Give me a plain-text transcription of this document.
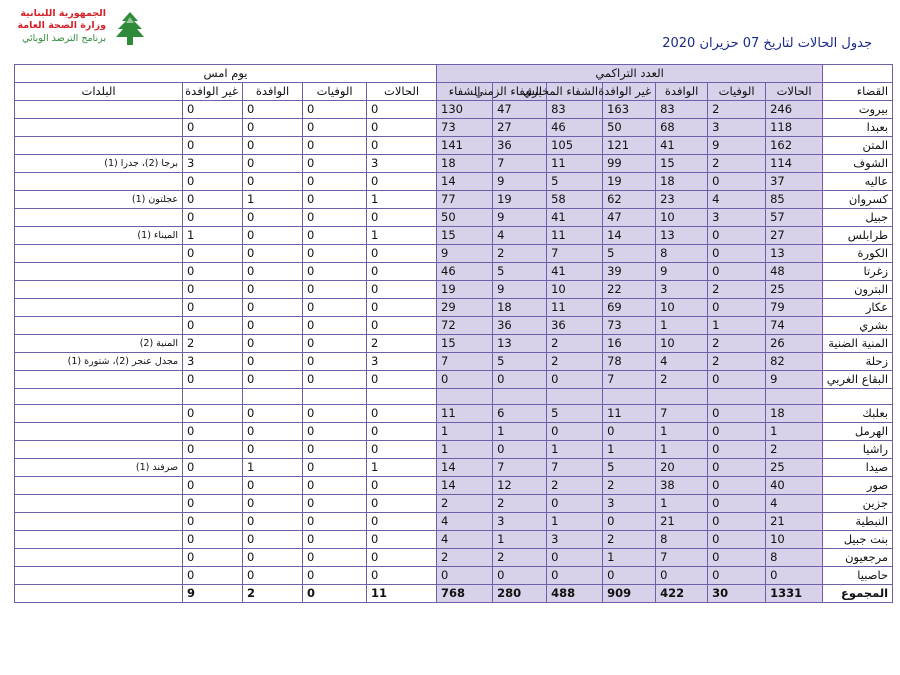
الجمهورية اللبنانية
وزارة الصحة العامة
برنامج الترصد الوبائي	جدول الحالات لتاريخ 07 حزيران 2020
	العدد التراكمي							يوم امس				
القضاء	الحالات	الوفيات	الوافدة	غير الوافدة	الشفاء المخبري	الشفاء الزمني	الشفاء	الحالات	الوفيات	الوافدة	غير الوافدة	البلدات
بيروت	246	2	83	163	83	47	130	0	0	0	0	
بعبدا	118	3	68	50	46	27	73	0	0	0	0	
المتن	162	9	41	121	105	36	141	0	0	0	0	
الشوف	114	2	15	99	11	7	18	3	0	0	3	برجا (2)، جدرا (1)
عاليه	37	0	18	19	5	9	14	0	0	0	0	
كسروان	85	4	23	62	58	19	77	1	0	1	0	عجلتون (1)
جبيل	57	3	10	47	41	9	50	0	0	0	0	
طرابلس	27	0	13	14	11	4	15	1	0	0	1	الميناء (1)
الكورة	13	0	8	5	7	2	9	0	0	0	0	
زغرتا	48	0	9	39	41	5	46	0	0	0	0	
البترون	25	2	3	22	10	9	19	0	0	0	0	
عكار	79	0	10	69	11	18	29	0	0	0	0	
بشري	74	1	1	73	36	36	72	0	0	0	0	
المنية الضنية	26	2	10	16	2	13	15	2	0	0	2	المنية (2)
زحلة	82	2	4	78	2	5	7	3	0	0	3	مجدل عنجر (2)، شتورة (1)
البقاع الغربي	9	0	2	7	0	0	0	0	0	0	0	

بعلبك	18	0	7	11	5	6	11	0	0	0	0	
الهرمل	1	0	1	0	0	1	1	0	0	0	0	
راشيا	2	0	1	1	1	0	1	0	0	0	0	
صيدا	25	0	20	5	7	7	14	1	0	1	0	صرفند (1)
صور	40	0	38	2	2	12	14	0	0	0	0	
جزين	4	0	1	3	0	2	2	0	0	0	0	
النبطية	21	0	21	0	1	3	4	0	0	0	0	
بنت جبيل	10	0	8	2	3	1	4	0	0	0	0	
مرجعيون	8	0	7	1	0	2	2	0	0	0	0	
حاصبيا	0	0	0	0	0	0	0	0	0	0	0	
المجموع	1331	30	422	909	488	280	768	11	0	2	9	
